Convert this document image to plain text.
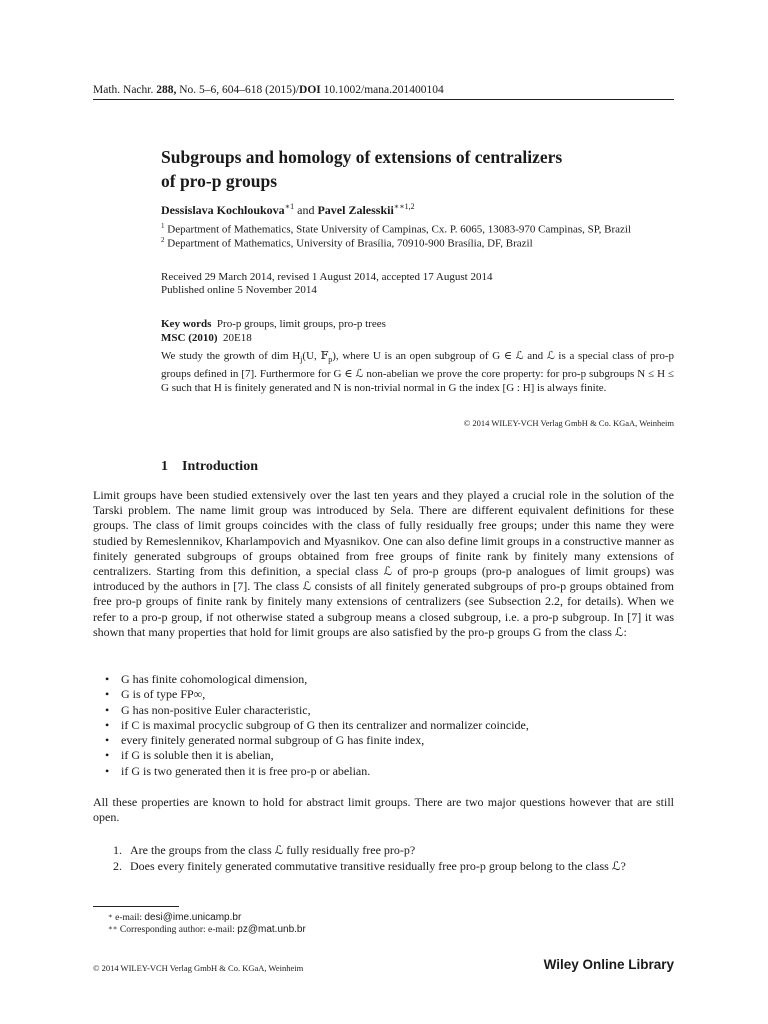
Math. Nachr. 288, No. 5–6, 604–618 (2015)/DOI 10.1002/mana.201400104
Subgroups and homology of extensions of centralizers
of pro-p groups
Dessislava Kochloukova$^{∗1}$ and Pavel Zalesskii$^{∗∗1,2}$
$^1$ Department of Mathematics, State University of Campinas, Cx. P. 6065, 13083-970 Campinas, SP, Brazil
$^2$ Department of Mathematics, University of Brasília, 70910-900 Brasília, DF, Brazil
Received 29 March 2014, revised 1 August 2014, accepted 17 August 2014
Published online 5 November 2014
Key words Pro-p groups, limit groups, pro-p trees
MSC (2010) 20E18
We study the growth of dim $H_j(U$, 𝔽$_p$), where U is an open subgroup of G ∈ ℒ and ℒ is a special class of pro-p groups defined in [7]. Furthermore for G ∈ ℒ non-abelian we prove the core property: for pro-p subgroups N ≤ H ≤ G such that H is finitely generated and N is non-trivial normal in G the index [G : H] is always finite.
© 2014 WILEY-VCH Verlag GmbH & Co. KGaA, Weinheim
1 Introduction
Limit groups have been studied extensively over the last ten years and they played a crucial role in the solution of the Tarski problem. The name limit group was introduced by Sela. There are different equivalent definitions for these groups. The class of limit groups coincides with the class of fully residually free groups; under this name they were studied by Remeslennikov, Kharlampovich and Myasnikov. One can also define limit groups in a constructive manner as finitely generated subgroups of groups obtained from free groups of finite rank by finitely many extensions of centralizers. Starting from this definition, a special class ℒ of pro-p groups (pro-p analogues of limit groups) was introduced by the authors in [7]. The class ℒ consists of all finitely generated subgroups of pro-p groups obtained from free pro-p groups of finite rank by finitely many extensions of centralizers (see Subsection 2.2, for details). When we refer to a pro-p group, if not otherwise stated a subgroup means a closed subgroup, i.e. a pro-p subgroup. In [7] it was shown that many properties that hold for limit groups are also satisfied by the pro-p groups G from the class ℒ:
• G has finite cohomological dimension,
• G is of type FP∞,
• G has non-positive Euler characteristic,
• if C is maximal procyclic subgroup of G then its centralizer and normalizer coincide,
• every finitely generated normal subgroup of G has finite index,
• if G is soluble then it is abelian,
• if G is two generated then it is free pro-p or abelian.
All these properties are known to hold for abstract limit groups. There are two major questions however that are still open.
1. Are the groups from the class ℒ fully residually free pro-p?
2. Does every finitely generated commutative transitive residually free pro-p group belong to the class ℒ?
∗ e-mail: desi@ime.unicamp.br
∗∗ Corresponding author: e-mail: pz@mat.unb.br
© 2014 WILEY-VCH Verlag GmbH & Co. KGaA, Weinheim	Wiley Online Library
